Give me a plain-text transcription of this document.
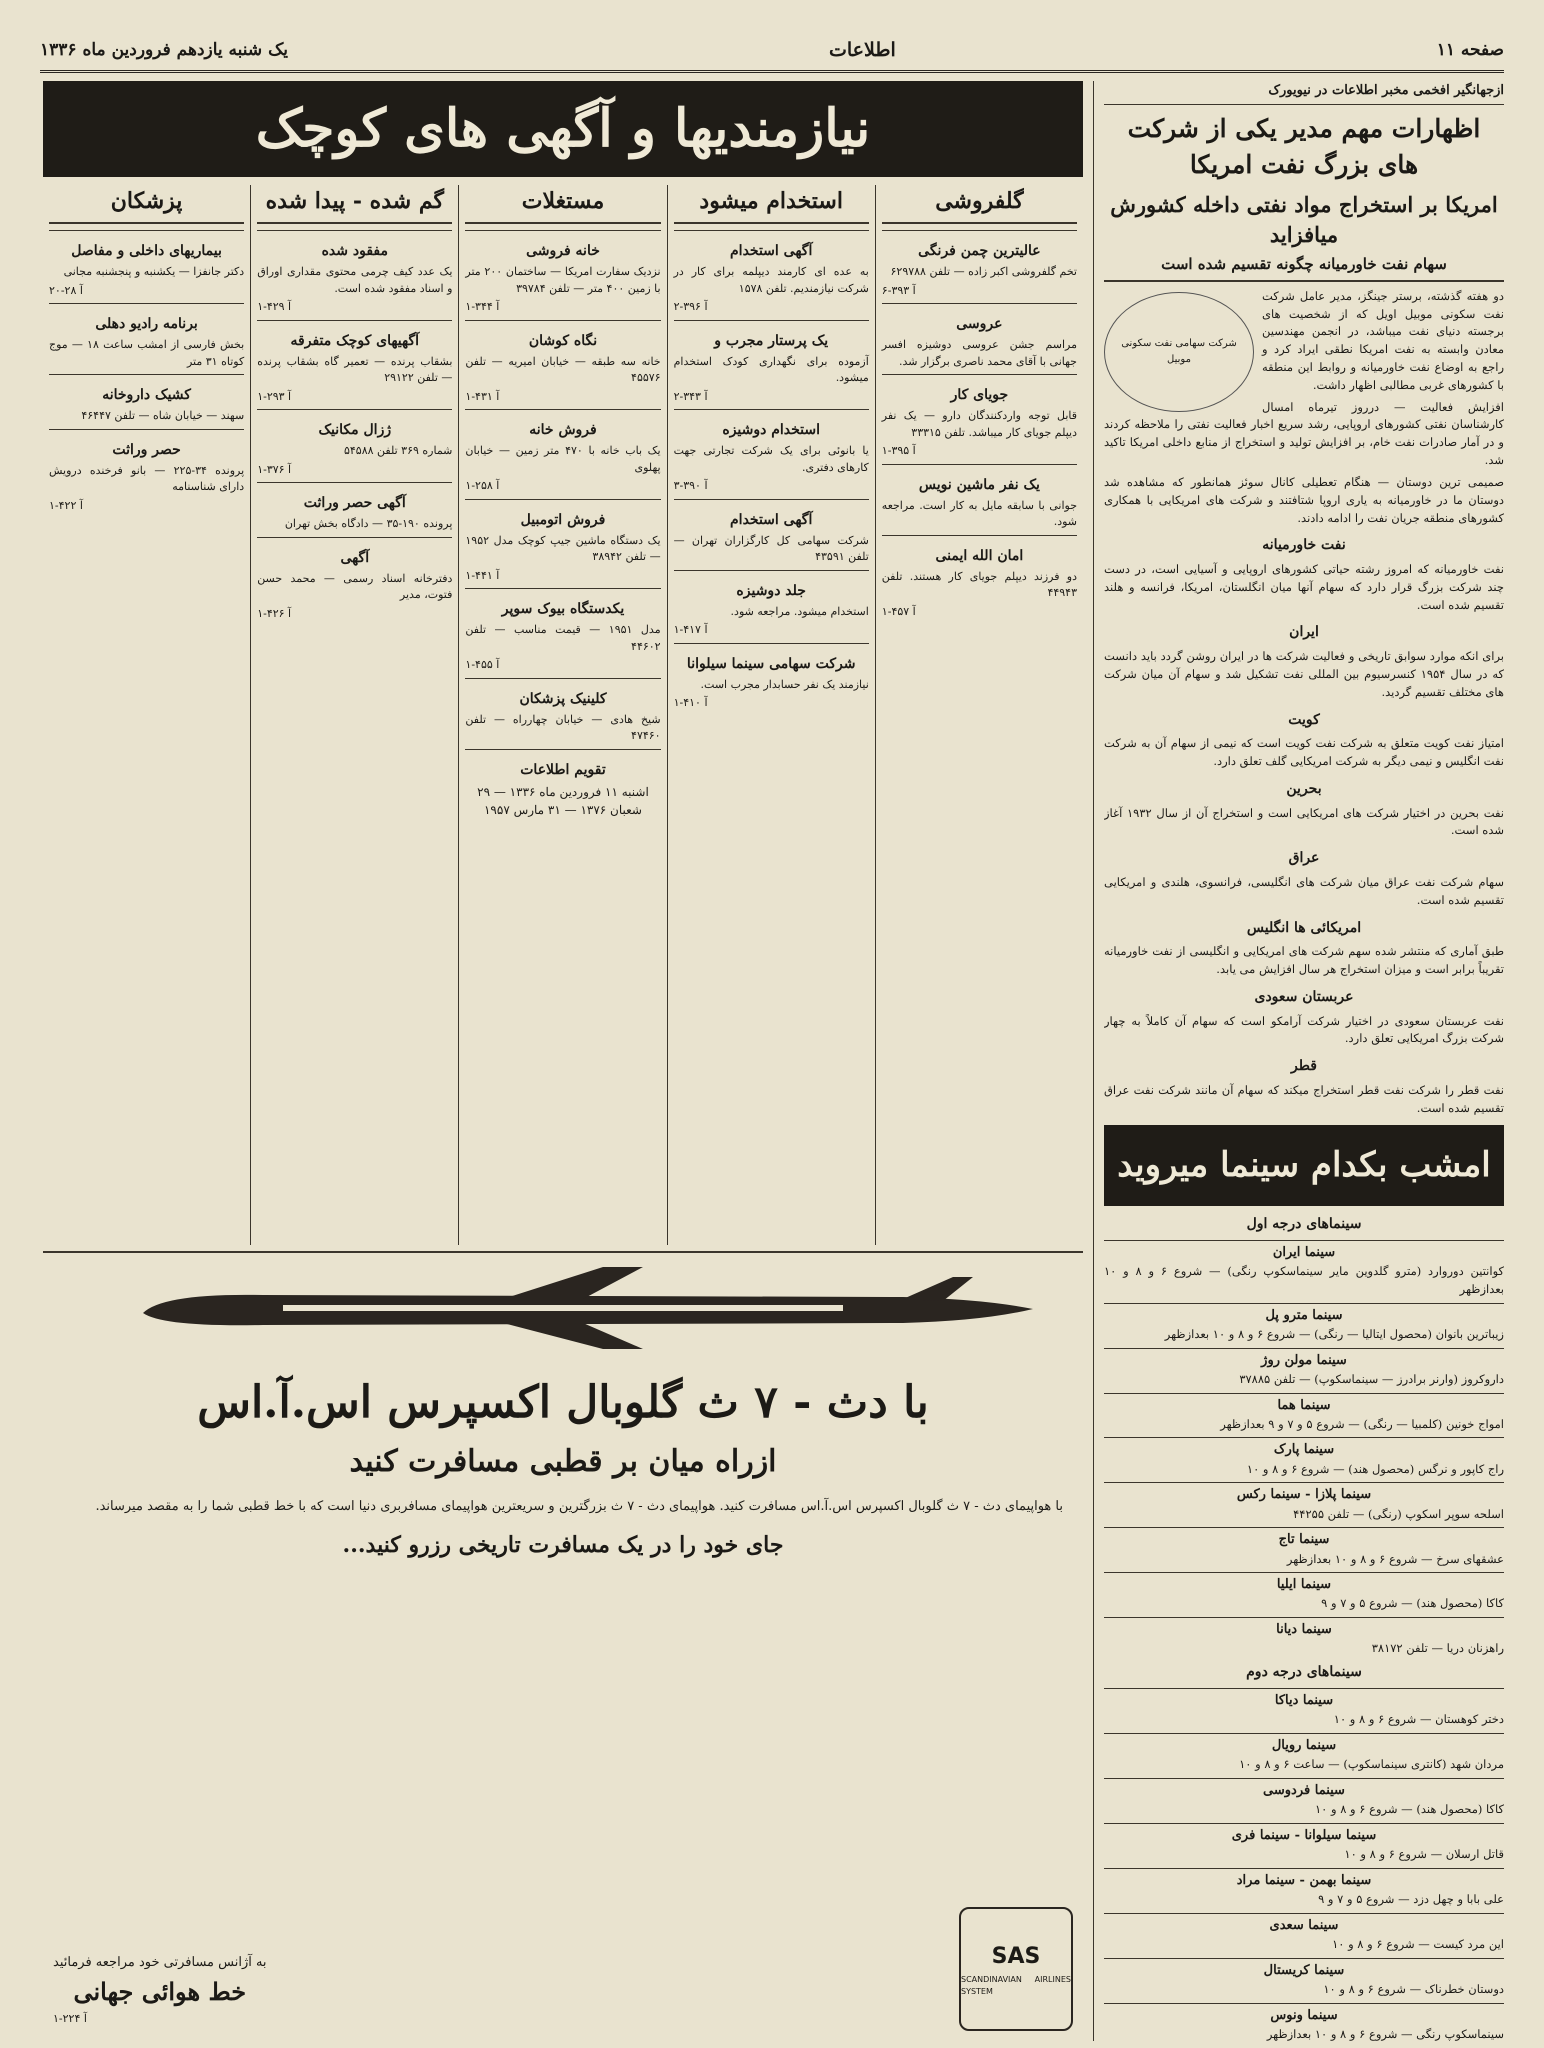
صفحه ۱۱
اطلاعات
یک شنبه یازدهم فروردین ماه ۱۳۳۶
ازجهانگیر افخمی مخبر اطلاعات در نیویورک
اظهارات مهم مدیر یکی از شرکت های بزرگ نفت امریکا
امریکا بر استخراج مواد نفتی داخله کشورش میافزاید
سهام نفت خاورمیانه چگونه تقسیم شده است
شرکت سهامی نفت سکونی موبیل

دو هفته گذشته، برستر جینگز، مدیر عامل شرکت نفت سکونی موبیل اویل که از شخصیت های برجسته دنیای نفت میباشد، در انجمن مهندسین معادن وابسته به نفت امریکا نطقی ایراد کرد و راجع به اوضاع نفت خاورمیانه و روابط این منطقه با کشورهای غربی مطالبی اظهار داشت.

افزایش فعالیت — درروز تیرماه امسال کارشناسان نفتی کشورهای اروپایی، رشد سریع اخبار فعالیت نفتی را ملاحظه کردند و در آمار صادرات نفت خام، بر افزایش تولید و استخراج از منابع داخلی امریکا تاکید شد.

صمیمی ترین دوستان — هنگام تعطیلی کانال سوئز همانطور که مشاهده شد دوستان ما در خاورمیانه به یاری اروپا شتافتند و شرکت های امریکایی با همکاری کشورهای منطقه جریان نفت را ادامه دادند.

نفت خاورمیانه

نفت خاورمیانه که امروز رشته حیاتی کشورهای اروپایی و آسیایی است، در دست چند شرکت بزرگ قرار دارد که سهام آنها میان انگلستان، امریکا، فرانسه و هلند تقسیم شده است.

ایران

برای انکه موارد سوابق تاریخی و فعالیت شرکت ها در ایران روشن گردد باید دانست که در سال ۱۹۵۴ کنسرسیوم بین المللی نفت تشکیل شد و سهام آن میان شرکت های مختلف تقسیم گردید.

کویت

امتیاز نفت کویت متعلق به شرکت نفت کویت است که نیمی از سهام آن به شرکت نفت انگلیس و نیمی دیگر به شرکت امریکایی گلف تعلق دارد.

بحرین

نفت بحرین در اختیار شرکت های امریکایی است و استخراج آن از سال ۱۹۳۲ آغاز شده است.

عراق

سهام شرکت نفت عراق میان شرکت های انگلیسی، فرانسوی، هلندی و امریکایی تقسیم شده است.

امریکائی ها انگلیس

طبق آماری که منتشر شده سهم شرکت های امریکایی و انگلیسی از نفت خاورمیانه تقریباً برابر است و میزان استخراج هر سال افزایش می یابد.

عربستان سعودی

نفت عربستان سعودی در اختیار شرکت آرامکو است که سهام آن کاملاً به چهار شرکت بزرگ امریکایی تعلق دارد.

قطر

نفت قطر را شرکت نفت قطر استخراج میکند که سهام آن مانند شرکت نفت عراق تقسیم شده است.

امشب بکدام سینما میروید
سینماهای درجه اول
سینما ایران
کوانتین دوروارد (مترو گلدوین مایر سینماسکوپ رنگی) — شروع ۶ و ۸ و ۱۰ بعدازظهر
سینما مترو پل
زیباترین بانوان (محصول ایتالیا — رنگی) — شروع ۶ و ۸ و ۱۰ بعدازظهر
سینما مولن روژ
داروکروز (وارنر برادرز — سینماسکوپ) — تلفن ۳۷۸۸۵
سینما هما
امواج خونین (کلمبیا — رنگی) — شروع ۵ و ۷ و ۹ بعدازظهر
سینما پارک
راج کاپور و نرگس (محصول هند) — شروع ۶ و ۸ و ۱۰
سینما پلازا - سینما رکس
اسلحه سوپر اسکوپ (رنگی) — تلفن ۴۴۲۵۵
سینما تاج
عشقهای سرخ — شروع ۶ و ۸ و ۱۰ بعدازظهر
سینما ایلیا
کاکا (محصول هند) — شروع ۵ و ۷ و ۹
سینما دیانا
راهزنان دریا — تلفن ۳۸۱۷۲
سینماهای درجه دوم
سینما دیاکا
دختر کوهستان — شروع ۶ و ۸ و ۱۰
سینما رویال
مردان شهد (کانتری سینماسکوپ) — ساعت ۶ و ۸ و ۱۰
سینما فردوسی
کاکا (محصول هند) — شروع ۶ و ۸ و ۱۰
سینما سیلوانا - سینما فری
قاتل ارسلان — شروع ۶ و ۸ و ۱۰
سینما بهمن - سینما مراد
علی بابا و چهل دزد — شروع ۵ و ۷ و ۹
سینما سعدی
این مرد کیست — شروع ۶ و ۸ و ۱۰
سینما کریستال
دوستان خطرناک — شروع ۶ و ۸ و ۱۰
سینما ونوس
سینماسکوپ رنگی — شروع ۶ و ۸ و ۱۰ بعدازظهر
نیازمندیها و آگهی های کوچک
گلفروشی
عالیترین چمن فرنگی

تخم گلفروشی اکبر زاده — تلفن ۶۲۹۷۸۸

آ ۳۹۳-۶
عروسی

مراسم جشن عروسی دوشیزه افسر جهانی با آقای محمد ناصری برگزار شد.

جویای کار

قابل توجه واردکنندگان دارو — یک نفر دیپلم جویای کار میباشد. تلفن ۳۳۳۱۵

آ ۳۹۵-۱
یک نفر ماشین نویس

جوانی با سابقه مایل به کار است. مراجعه شود.

امان الله ایمنی

دو فرزند دیپلم جویای کار هستند. تلفن ۴۴۹۴۳

آ ۴۵۷-۱
استخدام میشود
آگهی استخدام

به عده ای کارمند دیپلمه برای کار در شرکت نیازمندیم. تلفن ۱۵۷۸

آ ۳۹۶-۲
یک پرستار مجرب و

آزموده برای نگهداری کودک استخدام میشود.

آ ۳۴۳-۲
استخدام دوشیزه

یا بانوئی برای یک شرکت تجارتی جهت کارهای دفتری.

آ ۳۹۰-۳
آگهی استخدام

شرکت سهامی کل کارگزاران تهران — تلفن ۴۳۵۹۱

جلد دوشیزه

استخدام میشود. مراجعه شود.

آ ۴۱۷-۱
شرکت سهامی سینما سیلوانا

نیازمند یک نفر حسابدار مجرب است.

آ ۴۱۰-۱
مستغلات
خانه فروشی

نزدیک سفارت امریکا — ساختمان ۲۰۰ متر با زمین ۴۰۰ متر — تلفن ۳۹۷۸۴

آ ۳۴۴-۱
نگاه کوشان

خانه سه طبقه — خیابان امیریه — تلفن ۴۵۵۷۶

آ ۴۳۱-۱
فروش خانه

یک باب خانه با ۴۷۰ متر زمین — خیابان پهلوی

آ ۲۵۸-۱
فروش اتومبیل

یک دستگاه ماشین جیپ کوچک مدل ۱۹۵۲ — تلفن ۳۸۹۴۲

آ ۴۴۱-۱
یکدستگاه بیوک سوپر

مدل ۱۹۵۱ — قیمت مناسب — تلفن ۴۴۶۰۲

آ ۴۵۵-۱
کلینیک پزشکان

شیخ هادی — خیابان چهارراه — تلفن ۴۷۴۶۰

تقویم اطلاعات
اشنبه ۱۱ فروردین ماه ۱۳۳۶ — ۲۹ شعبان ۱۳۷۶ — ۳۱ مارس ۱۹۵۷
گم شده - پیدا شده
مفقود شده

یک عدد کیف چرمی محتوی مقداری اوراق و اسناد مفقود شده است.

آ ۴۲۹-۱
آگهیهای کوچک متفرقه

بشقاب پرنده — تعمیر گاه بشقاب پرنده — تلفن ۲۹۱۲۲

آ ۲۹۳-۱
ژزال مکانیک

شماره ۳۶۹ تلفن ۵۴۵۸۸

آ ۳۷۶-۱
آگهی حصر وراثت

پرونده ۱۹۰-۳۵ — دادگاه بخش تهران

آگهی

دفترخانه اسناد رسمی — محمد حسن فتوت، مدیر

آ ۴۲۶-۱
پزشکان
بیماریهای داخلی و مفاصل

دکتر جانفزا — یکشنبه و پنجشنبه مجانی

آ ۲۸-۲۰
برنامه رادیو دهلی

بخش فارسی از امشب ساعت ۱۸ — موج کوتاه ۳۱ متر

کشیک داروخانه

سهند — خیابان شاه — تلفن ۴۶۴۴۷

حصر وراثت

پرونده ۳۴-۲۲۵ — بانو فرخنده درویش دارای شناسنامه

آ ۴۲۲-۱
با دث - ۷ ث گلوبال اکسپرس اس.آ.اس
ازراه میان بر قطبی مسافرت کنید
با هواپیمای دث - ۷ ث گلوبال اکسپرس اس.آ.اس مسافرت کنید. هواپیمای دث - ۷ ث بزرگترین و سریعترین هواپیمای مسافربری دنیا است که با خط قطبی شما را به مقصد میرساند.
جای خود را در یک مسافرت تاریخی رزرو کنید...
SAS
SCANDINAVIAN AIRLINES SYSTEM
به آژانس مسافرتی خود مراجعه فرمائید
خط هوائی جهانی
آ ۲۲۴-۱
